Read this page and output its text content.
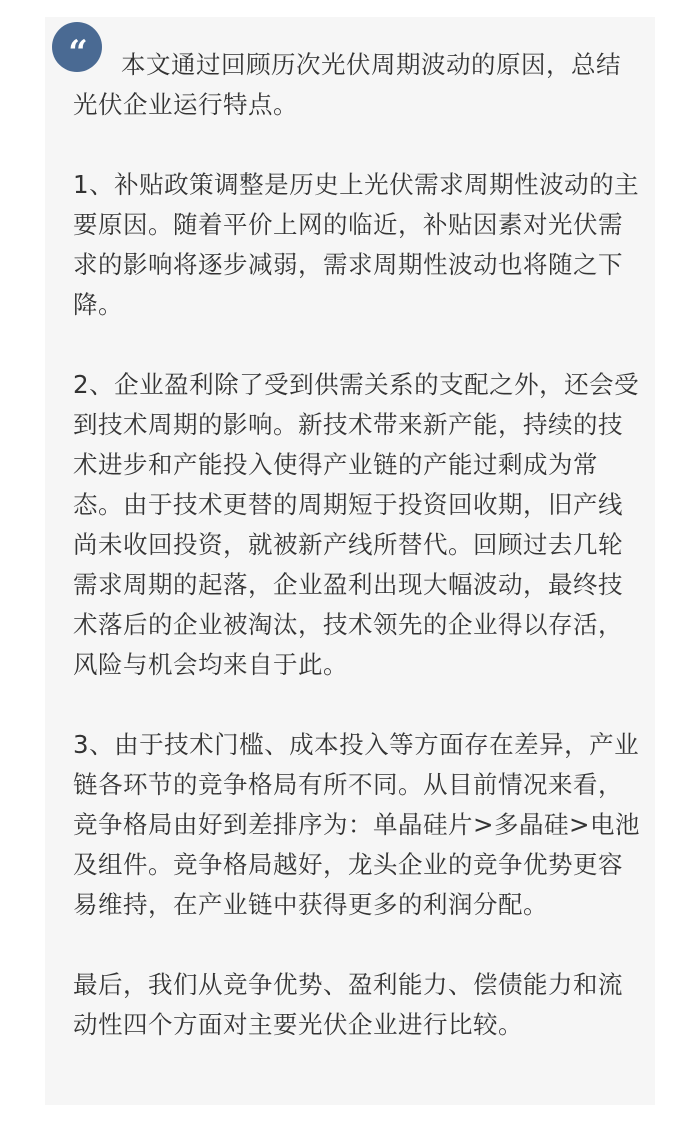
“	本文通过回顾历次光伏周期波动的原因，总结光伏企业运行特点。

1、补贴政策调整是历史上光伏需求周期性波动的主要原因。随着平价上网的临近，补贴因素对光伏需求的影响将逐步减弱，需求周期性波动也将随之下降。

2、企业盈利除了受到供需关系的支配之外，还会受到技术周期的影响。新技术带来新产能，持续的技术进步和产能投入使得产业链的产能过剩成为常态。由于技术更替的周期短于投资回收期，旧产线尚未收回投资，就被新产线所替代。回顾过去几轮需求周期的起落，企业盈利出现大幅波动，最终技术落后的企业被淘汰，技术领先的企业得以存活，风险与机会均来自于此。

3、由于技术门槛、成本投入等方面存在差异，产业链各环节的竞争格局有所不同。从目前情况来看，竞争格局由好到差排序为：单晶硅片>多晶硅>电池及组件。竞争格局越好，龙头企业的竞争优势更容易维持，在产业链中获得更多的利润分配。

最后，我们从竞争优势、盈利能力、偿债能力和流动性四个方面对主要光伏企业进行比较。
